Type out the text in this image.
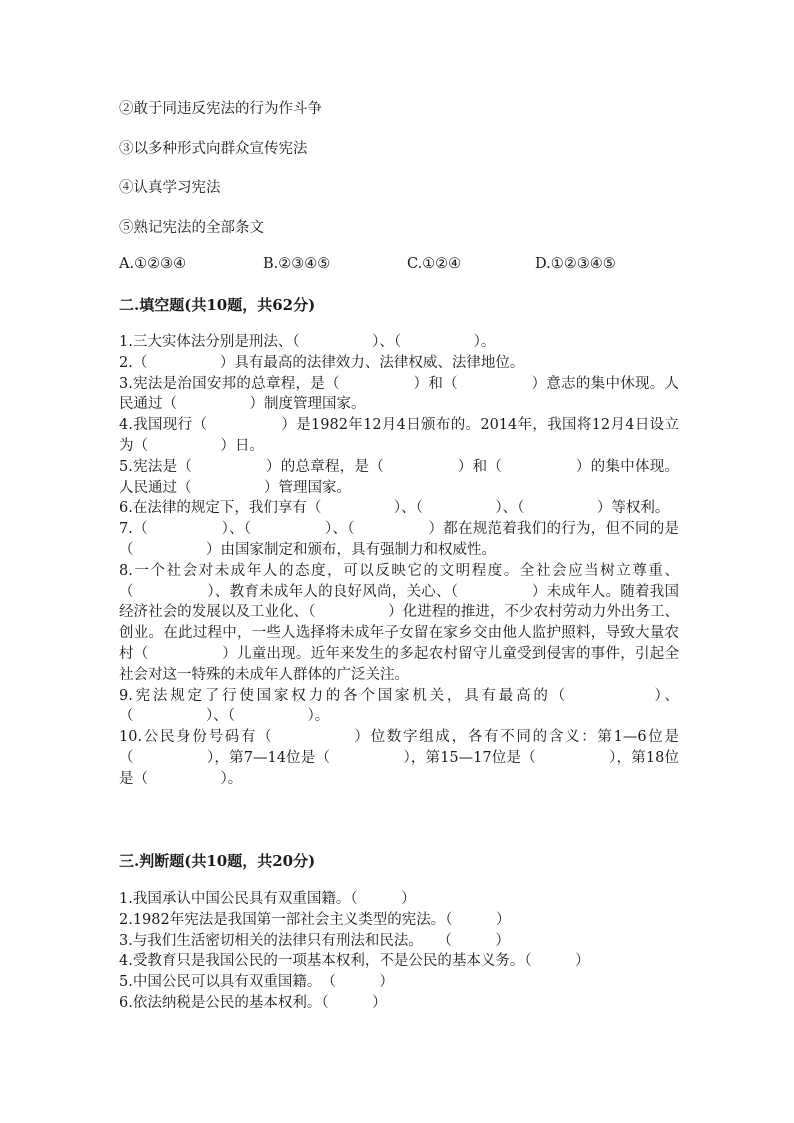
②敢于同违反宪法的行为作斗争
③以多种形式向群众宣传宪法
④认真学习宪法
⑤熟记宪法的全部条文
A.①②③④	B.②③④⑤	C.①②④	D.①②③④⑤
二.填空题(共10题，共62分)

1.三大实体法分别是刑法、（　　　　　）、（　　　　　）。

2.（　　　　　）具有最高的法律效力、法律权威、法律地位。

3.宪法是治国安邦的总章程，是（　　　　　）和（　　　　　）意志的集中休现。人民通过（　　　　　）制度管理国家。

4.我国现行（　　　　　）是1982年12月4日颁布的。2014年，我国将12月4日设立为（　　　　　）日。

5.宪法是（　　　　　）的总章程，是（　　　　　）和（　　　　　）的集中体现。人民通过（　　　　　）管理国家。

6.在法律的规定下，我们享有（　　　　　）、（　　　　　）、（　　　　　）等权利。

7.（　　　　　）、（　　　　　）、（　　　　　）都在规范着我们的行为，但不同的是（　　　　　）由国家制定和颁布，具有强制力和权威性。

8.一个社会对未成年人的态度，可以反映它的文明程度。全社会应当树立尊重、（　　　　　）、教育未成年人的良好风尚，关心、（　　　　　）未成年人。随着我国经济社会的发展以及工业化、（　　　　　）化进程的推进，不少农村劳动力外出务工、创业。在此过程中，一些人选择将未成年子女留在家乡交由他人监护照料，导致大量农村（　　　　　）儿童出现。近年来发生的多起农村留守儿童受到侵害的事件，引起全社会对这一特殊的未成年人群体的广泛关注。

9.宪法规定了行使国家权力的各个国家机关，具有最高的（　　　　　）、（　　　　　）、（　　　　　）。

10.公民身份号码有（　　　　　）位数字组成，各有不同的含义：第1—6位是（　　　　　），第7—14位是（　　　　　），第15—17位是（　　　　　），第18位是（　　　　　）。

三.判断题(共10题，共20分)

1.我国承认中国公民具有双重国籍。（　　　）

2.1982年宪法是我国第一部社会主义类型的宪法。（　　　）

3.与我们生活密切相关的法律只有刑法和民法。　　（　　　）

4.受教育只是我国公民的一项基本权利，不是公民的基本义务。（　　　）

5.中国公民可以具有双重国籍。　（　　　）

6.依法纳税是公民的基本权利。（　　　）
